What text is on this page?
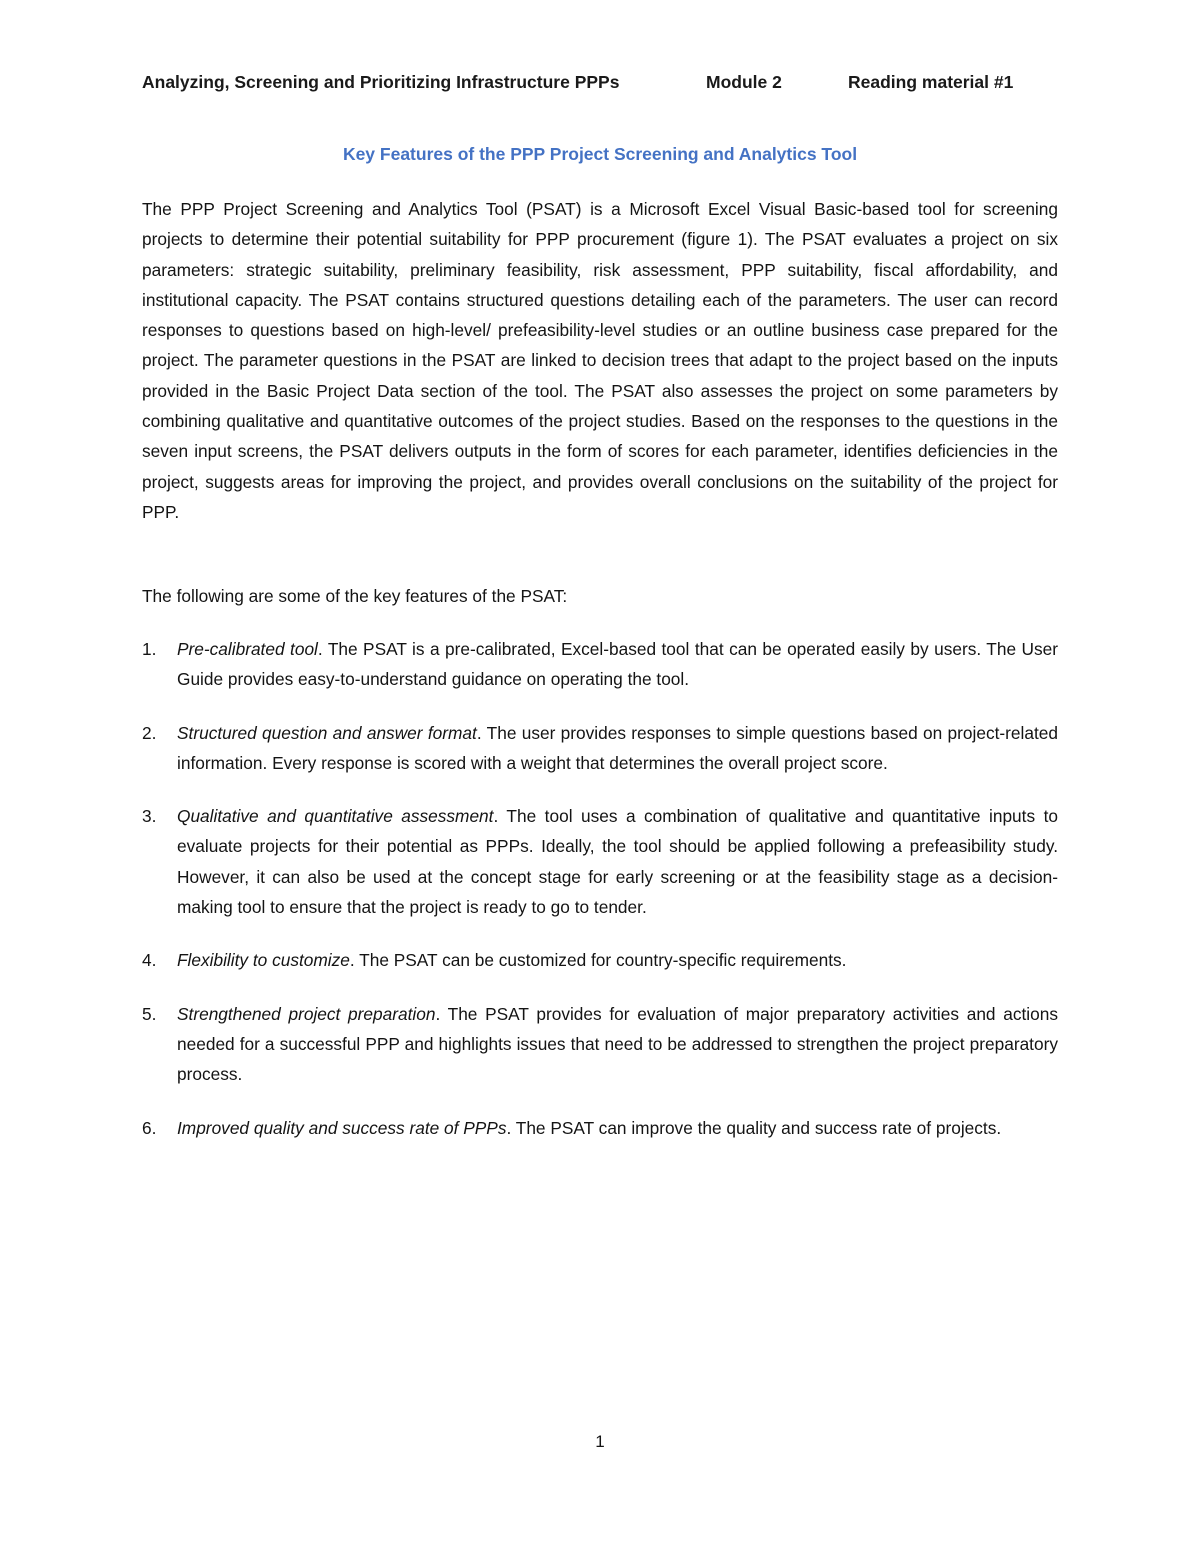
Analyzing, Screening and Prioritizing Infrastructure PPPs	Module 2	Reading material #1
Key Features of the PPP Project Screening and Analytics Tool

The PPP Project Screening and Analytics Tool (PSAT) is a Microsoft Excel Visual Basic-based tool for screening projects to determine their potential suitability for PPP procurement (figure 1). The PSAT evaluates a project on six parameters: strategic suitability, preliminary feasibility, risk assessment, PPP suitability, fiscal affordability, and institutional capacity. The PSAT contains structured questions detailing each of the parameters. The user can record responses to questions based on high-level/ prefeasibility-level studies or an outline business case prepared for the project. The parameter questions in the PSAT are linked to decision trees that adapt to the project based on the inputs provided in the Basic Project Data section of the tool. The PSAT also assesses the project on some parameters by combining qualitative and quantitative outcomes of the project studies. Based on the responses to the questions in the seven input screens, the PSAT delivers outputs in the form of scores for each parameter, identifies deficiencies in the project, suggests areas for improving the project, and provides overall conclusions on the suitability of the project for PPP.

The following are some of the key features of the PSAT:

1. Pre-calibrated tool. The PSAT is a pre-calibrated, Excel-based tool that can be operated easily by users. The User Guide provides easy-to-understand guidance on operating the tool.
2. Structured question and answer format. The user provides responses to simple questions based on project-related information. Every response is scored with a weight that determines the overall project score.
3. Qualitative and quantitative assessment. The tool uses a combination of qualitative and quantitative inputs to evaluate projects for their potential as PPPs. Ideally, the tool should be applied following a prefeasibility study. However, it can also be used at the concept stage for early screening or at the feasibility stage as a decision-making tool to ensure that the project is ready to go to tender.
4. Flexibility to customize. The PSAT can be customized for country-specific requirements.
5. Strengthened project preparation. The PSAT provides for evaluation of major preparatory activities and actions needed for a successful PPP and highlights issues that need to be addressed to strengthen the project preparatory process.
6. Improved quality and success rate of PPPs. The PSAT can improve the quality and success rate of projects.
1
